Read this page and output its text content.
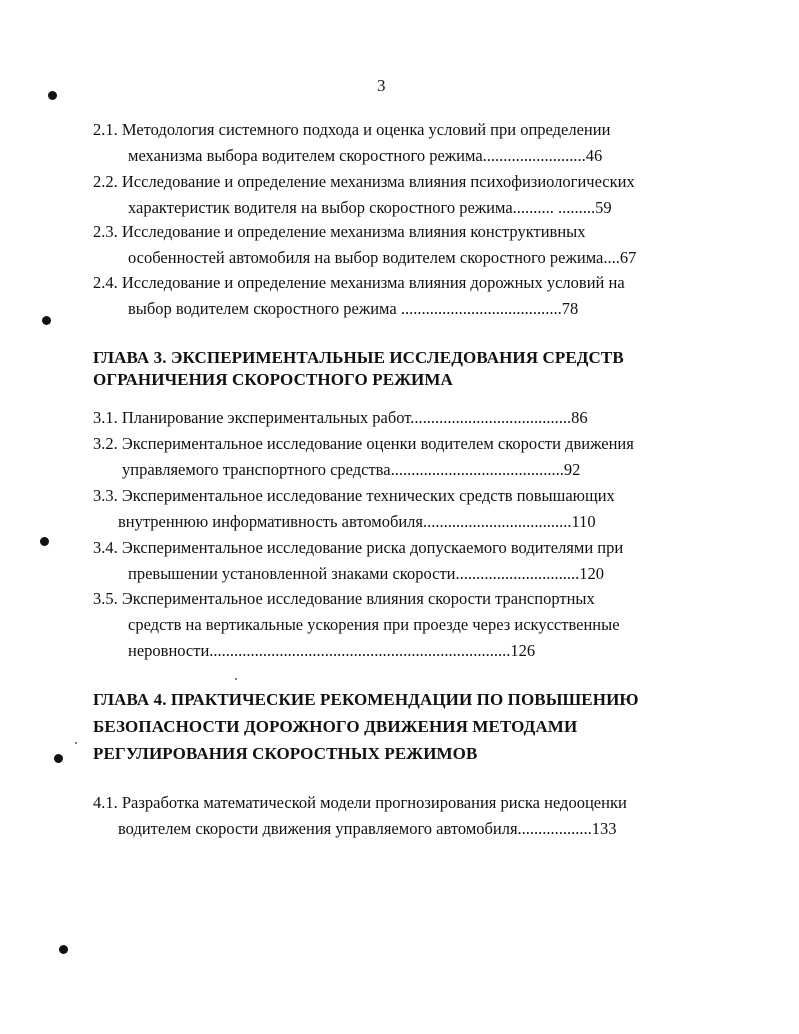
3
2.1. Методология системного подхода и оценка условий при определении
механизма выбора водителем скоростного режима.........................46
2.2. Исследование и определение механизма влияния психофизиологических
характеристик водителя на выбор скоростного режима.......... .........59
2.3. Исследование и определение механизма влияния конструктивных
особенностей автомобиля на выбор водителем скоростного режима....67
2.4. Исследование и определение механизма влияния дорожных условий на
выбор водителем скоростного режима .......................................78
ГЛАВА 3. ЭКСПЕРИМЕНТАЛЬНЫЕ ИССЛЕДОВАНИЯ СРЕДСТВ
ОГРАНИЧЕНИЯ СКОРОСТНОГО РЕЖИМА
3.1. Планирование экспериментальных работ.......................................86
3.2. Экспериментальное исследование оценки водителем скорости движения
управляемого транспортного средства..........................................92
3.3. Экспериментальное исследование технических средств повышающих
внутреннюю информативность автомобиля....................................110
3.4. Экспериментальное исследование риска допускаемого водителями при
превышении установленной знаками скорости..............................120
3.5. Экспериментальное исследование влияния скорости транспортных
средств на вертикальные ускорения при проезде через искусственные
неровности.........................................................................126
ГЛАВА 4. ПРАКТИЧЕСКИЕ РЕКОМЕНДАЦИИ ПО ПОВЫШЕНИЮ
БЕЗОПАСНОСТИ ДОРОЖНОГО ДВИЖЕНИЯ МЕТОДАМИ
РЕГУЛИРОВАНИЯ СКОРОСТНЫХ РЕЖИМОВ
4.1. Разработка математической модели прогнозирования риска недооценки
водителем скорости движения управляемого автомобиля..................133
